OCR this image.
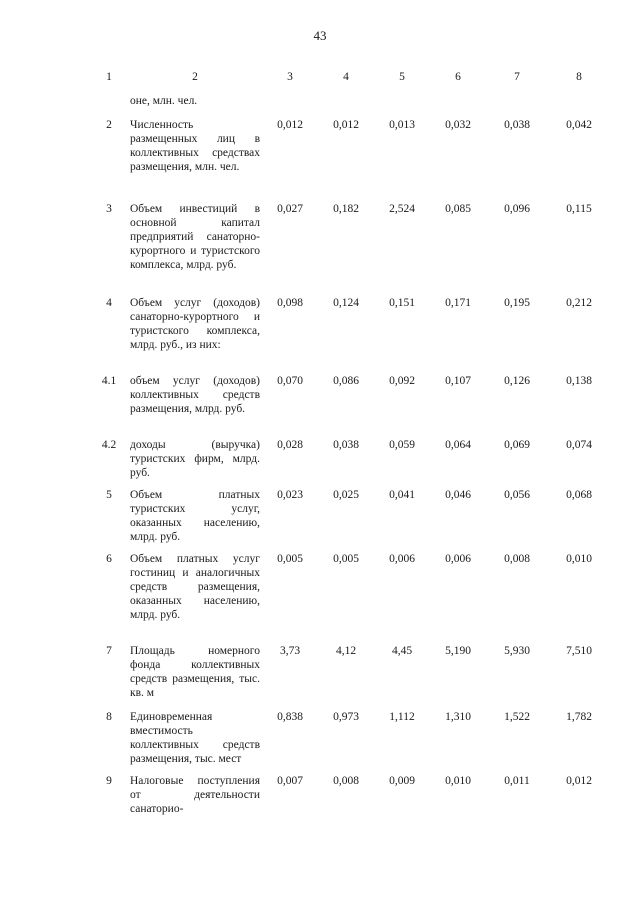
43
1	2	3	4	5	6	7	8
	оне, млн. чел.						
2	Численность размещенных лиц в коллективных средствах размещения, млн. чел.	0,012	0,012	0,013	0,032	0,038	0,042
3	Объем инвестиций в основной капитал предприятий санаторно-курортного и туристского комплекса, млрд. руб.	0,027	0,182	2,524	0,085	0,096	0,115
4	Объем услуг (доходов) санаторно-курортного и туристского комплекса, млрд. руб., из них:	0,098	0,124	0,151	0,171	0,195	0,212
4.1	объем услуг (доходов) коллективных средств размещения, млрд. руб.	0,070	0,086	0,092	0,107	0,126	0,138
4.2	доходы (выручка) туристских фирм, млрд. руб.	0,028	0,038	0,059	0,064	0,069	0,074
5	Объем платных туристских услуг, оказанных населению, млрд. руб.	0,023	0,025	0,041	0,046	0,056	0,068
6	Объем платных услуг гостиниц и аналогичных средств размещения, оказанных населению, млрд. руб.	0,005	0,005	0,006	0,006	0,008	0,010
7	Площадь номерного фонда коллективных средств размещения, тыс. кв. м	3,73	4,12	4,45	5,190	5,930	7,510
8	Единовременная вместимость коллективных средств размещения, тыс. мест	0,838	0,973	1,112	1,310	1,522	1,782
9	Налоговые поступления от деятельности санаторио-	0,007	0,008	0,009	0,010	0,011	0,012
